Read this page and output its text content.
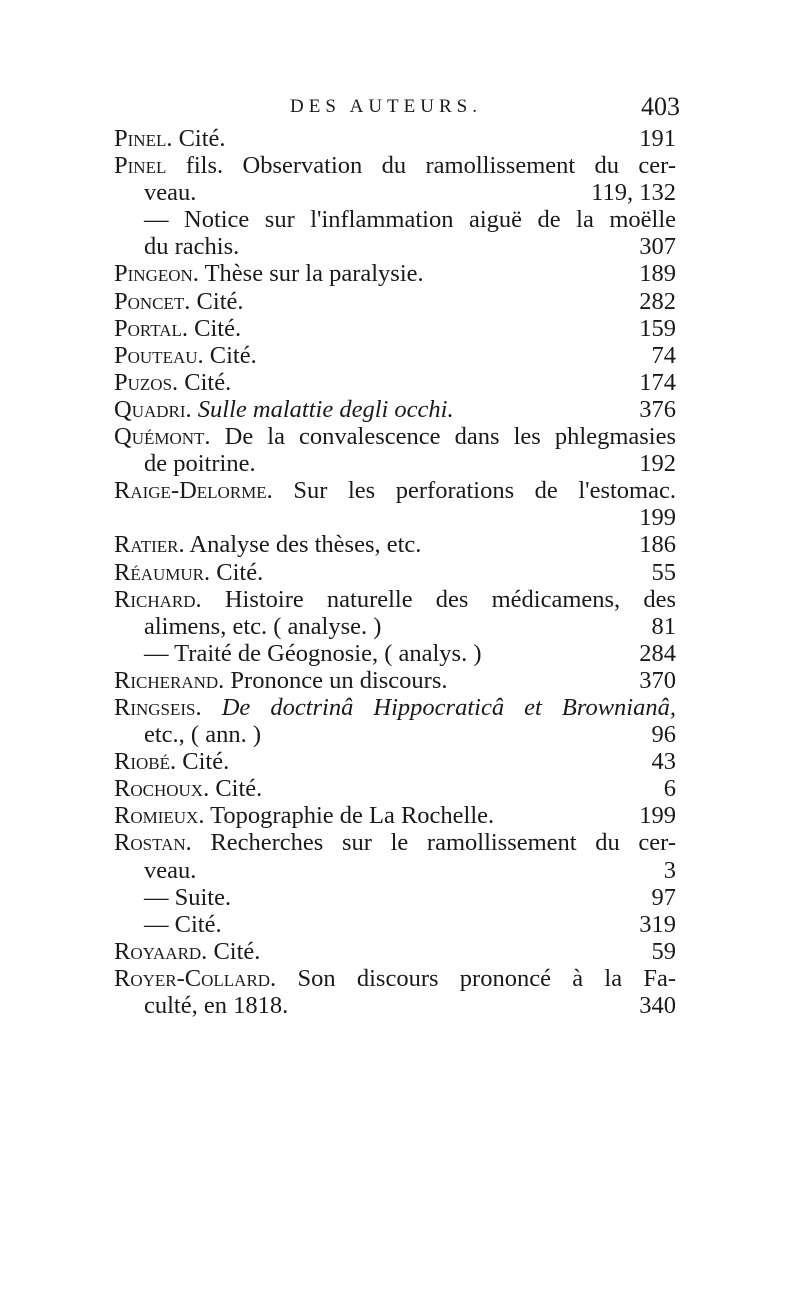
DES AUTEURS.	403
Pinel. Cité.	191
Pinel fils. Observation du ramollissement du cer-
veau.	119, 132
— Notice sur l'inflammation aiguë de la moëlle
du rachis.	307
Pingeon. Thèse sur la paralysie.	189
Poncet. Cité.	282
Portal. Cité.	159
Pouteau. Cité.	74
Puzos. Cité.	174
Quadri. Sulle malattie degli occhi.	376
Quémont. De la convalescence dans les phlegmasies
de poitrine.	192
Raige-Delorme. Sur les perforations de l'estomac.
199
Ratier. Analyse des thèses, etc.	186
Réaumur. Cité.	55
Richard. Histoire naturelle des médicamens, des
alimens, etc. ( analyse. )	81
— Traité de Géognosie, ( analys. )	284
Richerand. Prononce un discours.	370
Ringseis. De doctrinâ Hippocraticâ et Brownianâ,
etc., ( ann. )	96
Riobé. Cité.	43
Rochoux. Cité.	6
Romieux. Topographie de La Rochelle.	199
Rostan. Recherches sur le ramollissement du cer-
veau.	3
— Suite.	97
— Cité.	319
Royaard. Cité.	59
Royer-Collard. Son discours prononcé à la Fa-
culté, en 1818.	340
